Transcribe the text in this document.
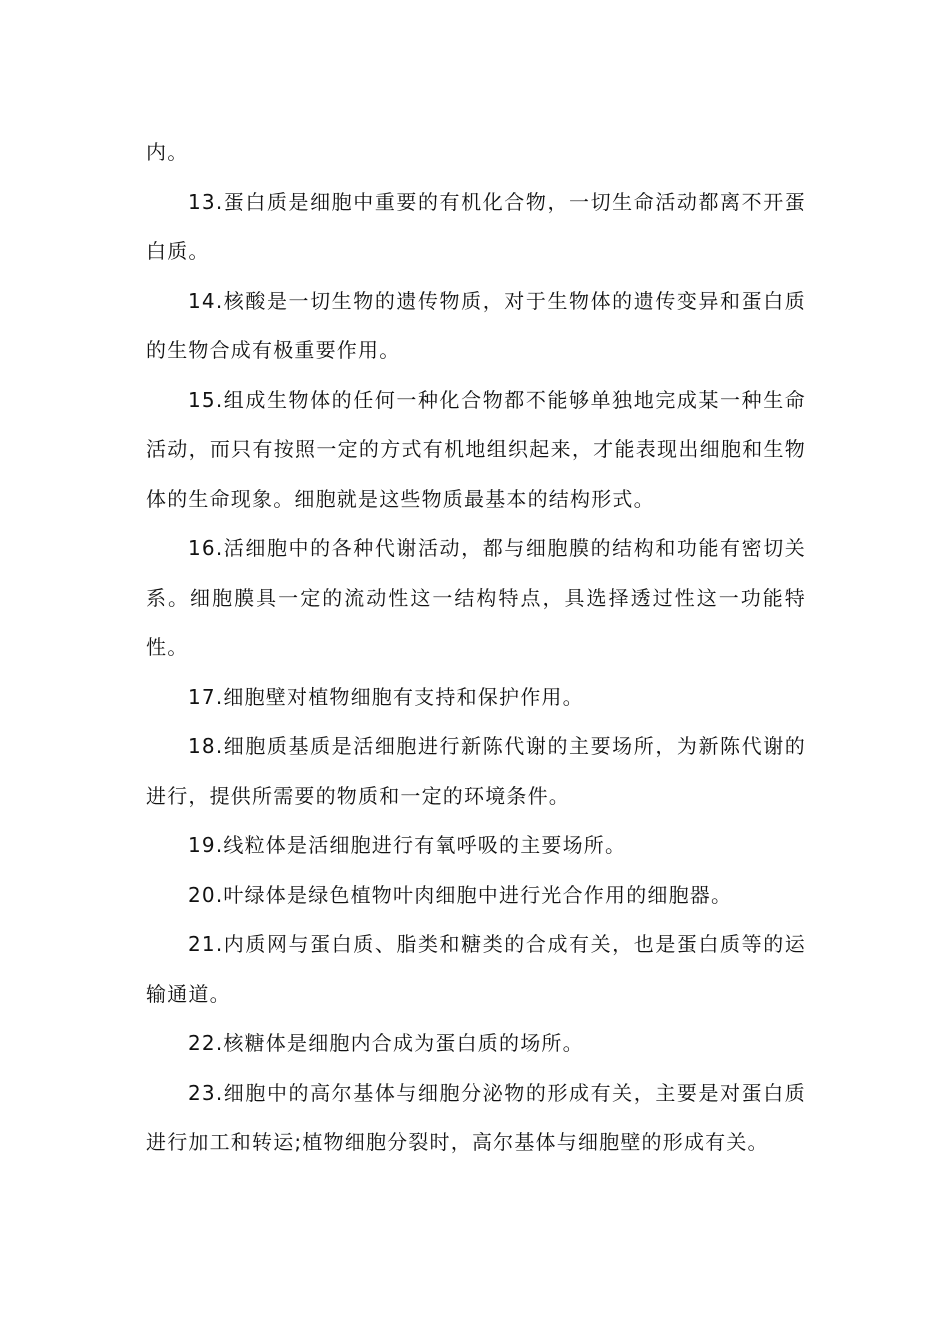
内。

13.蛋白质是细胞中重要的有机化合物，一切生命活动都离不开蛋白质。

14.核酸是一切生物的遗传物质，对于生物体的遗传变异和蛋白质的生物合成有极重要作用。

15.组成生物体的任何一种化合物都不能够单独地完成某一种生命活动，而只有按照一定的方式有机地组织起来，才能表现出细胞和生物体的生命现象。细胞就是这些物质最基本的结构形式。

16.活细胞中的各种代谢活动，都与细胞膜的结构和功能有密切关系。细胞膜具一定的流动性这一结构特点，具选择透过性这一功能特性。

17.细胞壁对植物细胞有支持和保护作用。

18.细胞质基质是活细胞进行新陈代谢的主要场所，为新陈代谢的进行，提供所需要的物质和一定的环境条件。

19.线粒体是活细胞进行有氧呼吸的主要场所。

20.叶绿体是绿色植物叶肉细胞中进行光合作用的细胞器。

21.内质网与蛋白质、脂类和糖类的合成有关，也是蛋白质等的运输通道。

22.核糖体是细胞内合成为蛋白质的场所。

23.细胞中的高尔基体与细胞分泌物的形成有关，主要是对蛋白质进行加工和转运;植物细胞分裂时，高尔基体与细胞壁的形成有关。
